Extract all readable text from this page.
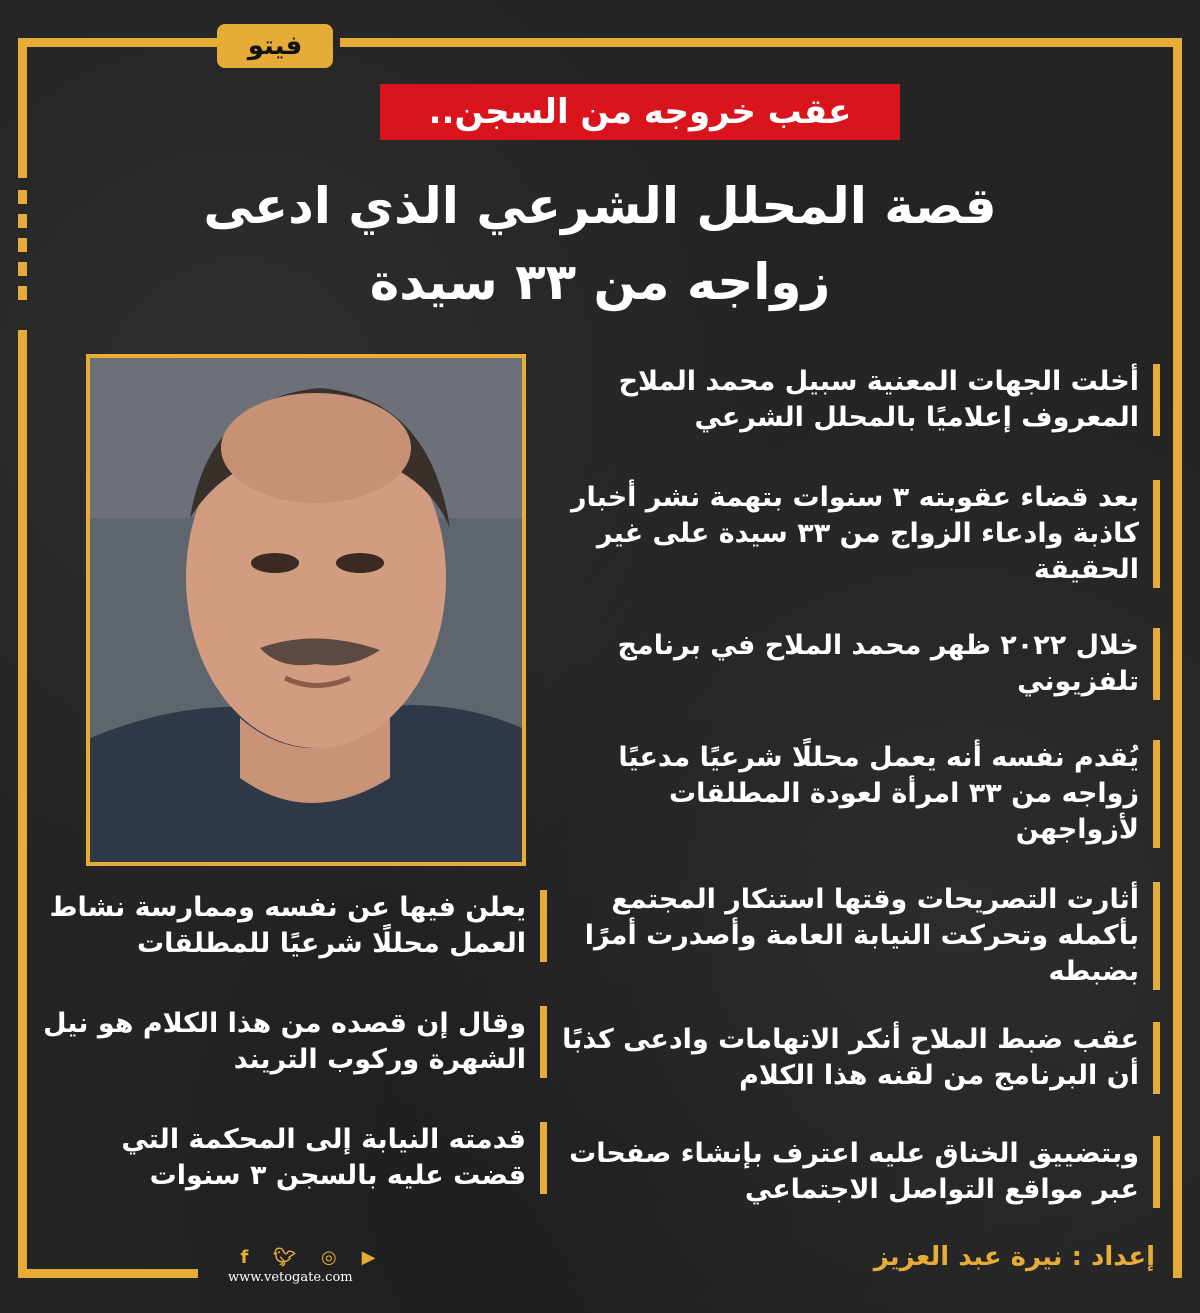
فيتو
عقب خروجه من السجن..
قصة المحلل الشرعي الذي ادعى
زواجه من ٣٣ سيدة
أخلت الجهات المعنية سبيل محمد الملاح المعروف إعلاميًا بالمحلل الشرعي
بعد قضاء عقوبته ٣ سنوات بتهمة نشر أخبار كاذبة وادعاء الزواج من ٣٣ سيدة على غير الحقيقة
خلال ٢٠٢٢ ظهر محمد الملاح في برنامج تلفزيوني
يُقدم نفسه أنه يعمل محللًا شرعيًا مدعيًا زواجه من ٣٣ امرأة لعودة المطلقات لأزواجهن
أثارت التصريحات وقتها استنكار المجتمع بأكمله وتحركت النيابة العامة وأصدرت أمرًا بضبطه
عقب ضبط الملاح أنكر الاتهامات وادعى كذبًا أن البرنامج من لقنه هذا الكلام
وبتضييق الخناق عليه اعترف بإنشاء صفحات عبر مواقع التواصل الاجتماعي
يعلن فيها عن نفسه وممارسة نشاط العمل محللًا شرعيًا للمطلقات
وقال إن قصده من هذا الكلام هو نيل الشهرة وركوب التريند
قدمته النيابة إلى المحكمة التي قضت عليه بالسجن ٣ سنوات
f 🐦︎ ◎ ▶
www.vetogate.com
إعداد : نيرة عبد العزيز
